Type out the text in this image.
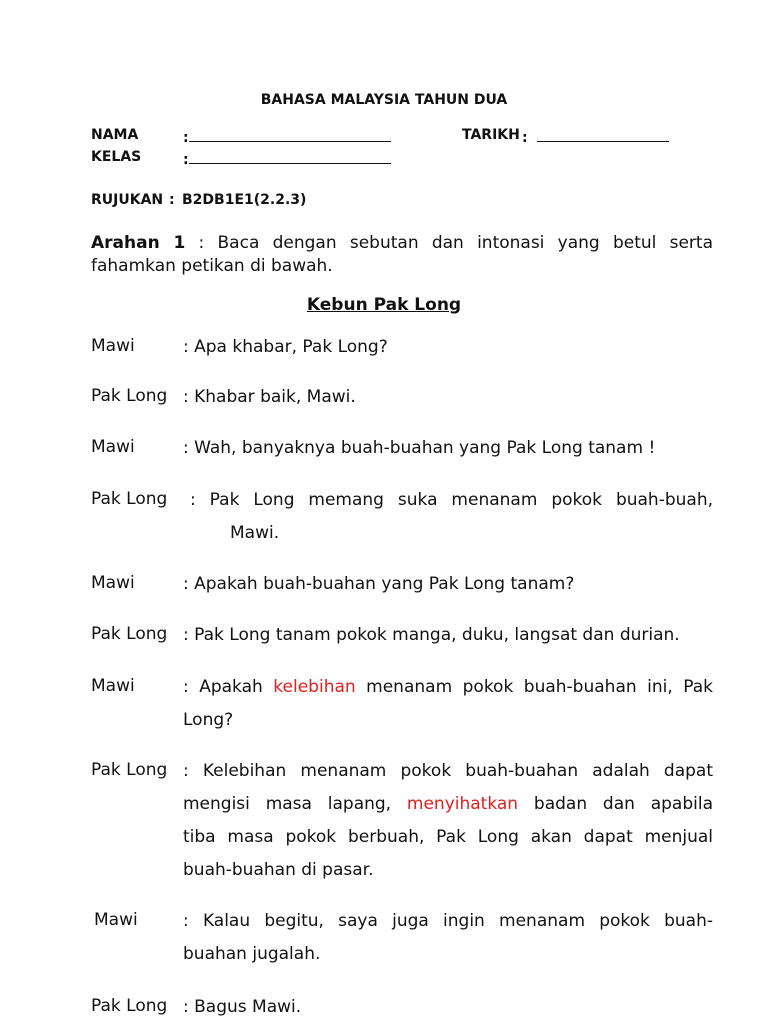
BAHASA MALAYSIA TAHUN DUA
NAMA	:	TARIKH :
KELAS	:
RUJUKAN : B2DB1E1(2.2.3)
Arahan 1 : Baca dengan sebutan dan intonasi yang betul serta fahamkan petikan di bawah.
Kebun Pak Long
Mawi	: Apa khabar, Pak Long?
Pak Long : Khabar baik, Mawi.
Mawi	: Wah, banyaknya buah-buahan yang Pak Long tanam !
Pak Long : Pak Long memang suka menanam pokok buah-buah,
Mawi.
Mawi	: Apakah buah-buahan yang Pak Long tanam?
Pak Long : Pak Long tanam pokok manga, duku, langsat dan durian.
Mawi	: Apakah kelebihan menanam pokok buah-buahan ini, Pak
Long?
Pak Long : Kelebihan menanam pokok buah-buahan adalah dapat
mengisi masa lapang, menyihatkan badan dan apabila
tiba masa pokok berbuah, Pak Long akan dapat menjual
buah-buahan di pasar.
Mawi	: Kalau begitu, saya juga ingin menanam pokok buah-
buahan jugalah.
Pak Long : Bagus Mawi.
